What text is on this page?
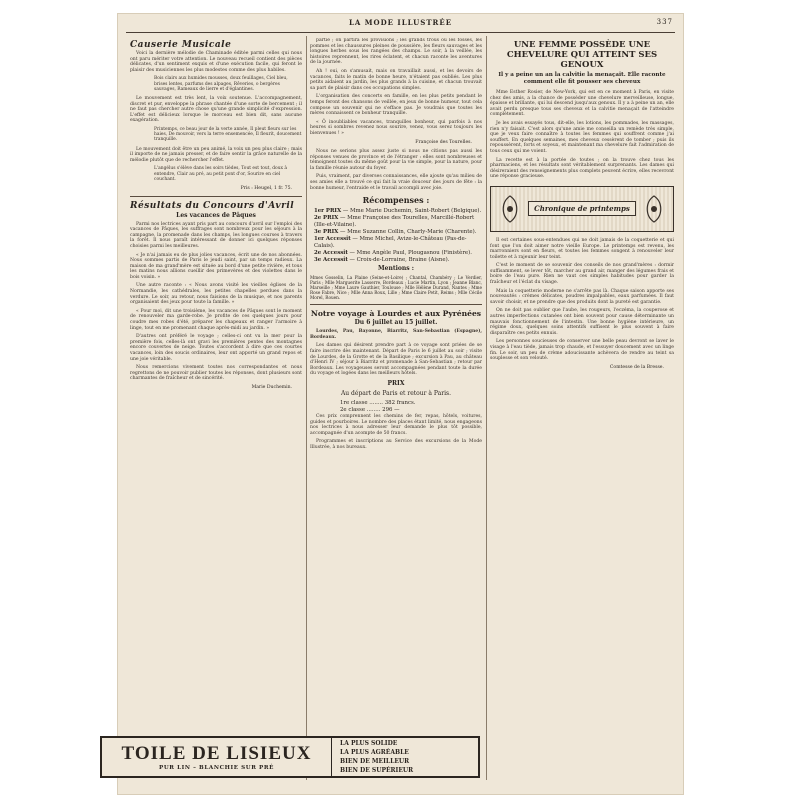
LA MODE ILLUSTRÉE	337
Causerie Musicale

Voici la dernière mélodie de Chaminade éditée parmi celles qui nous ont paru mériter votre attention. Le nouveau recueil contient des pièces délicates, d'un sentiment exquis et d'une exécution facile, qui feront le plaisir des musiciennes les plus modestes comme des plus habiles.

Bois clairs aux humides mousses, doux feuillages, Ciel bleu, brises lentes, parfums des alpages, Rêveries, o bergères sauvages, Rameaux de lierre et d'églantines.

Le mouvement est très lent, la voix soutenue. L'accompagnement, discret et pur, enveloppe la phrase chantée d'une sorte de bercement ; il ne faut pas chercher autre chose qu'une grande simplicité d'expression. L'effet est délicieux lorsque le morceau est bien dit, sans aucune exagération.

Printemps, ce beau jour de la verte année, Il pleut fleurs sur les haies, De mouvoir, vers la terre ensemencée, Il fleurit, doucement tranquille.

Le mouvement doit être un peu animé, la voix un peu plus claire ; mais il importe de ne jamais presser, et de faire sentir la grâce naturelle de la mélodie plutôt que de rechercher l'effet.

L'angélus s'élève dans les soirs tièdes, Tout est tout, doux à entendre, Clair au pré, au petit pont d'or, Sourire en ciel couchant.

Pris : Heugel, 1 fr. 75.

Résultats du Concours d'Avril
Les vacances de Pâques

Parmi nos lectrices ayant pris part au concours d'avril sur l'emploi des vacances de Pâques, les suffrages sont nombreux pour les séjours à la campagne, la promenade dans les champs, les longues courses à travers la forêt. Il nous paraît intéressant de donner ici quelques réponses choisies parmi les meilleures.

« Je n'ai jamais eu de plus jolies vacances, écrit une de nos abonnées. Nous sommes partis de Paris le jeudi saint, par un temps radieux. La maison de ma grand'mère est située au bord d'une petite rivière, et tous les matins nous allions cueillir des primevères et des violettes dans le bois voisin. »

Une autre raconte : « Nous avons visité les vieilles églises de la Normandie, les cathédrales, les petites chapelles perdues dans la verdure. Le soir, au retour, nous faisions de la musique, et nos parents organisaient des jeux pour toute la famille. »

« Pour moi, dit une troisième, les vacances de Pâques sont le moment de renouveler ma garde-robe. Je profite de ces quelques jours pour coudre mes robes d'été, préparer les chapeaux et ranger l'armoire à linge, tout en me promenant chaque après-midi au jardin. »

D'autres ont préféré le voyage ; celles-ci ont vu la mer pour la première fois, celles-là ont gravi les premières pentes des montagnes encore couvertes de neige. Toutes s'accordent à dire que ces courtes vacances, loin des soucis ordinaires, leur ont apporté un grand repos et une joie véritable.

Nous remercions vivement toutes nos correspondantes et nous regrettons de ne pouvoir publier toutes les réponses, dont plusieurs sont charmantes de fraîcheur et de sincérité.

Marie Duchemin.

partie ; on partira les provisions ; les grands trous ou les fossés, les pommes et les chaussures pleines de poussière, les fleurs sauvages et les longues herbes sous les rangées des champs. Le soir, à la veillée, les histoires reprennent, les rires éclatent, et chacun raconte les aventures de la journée.

Ah ! oui, on s'amusait, mais on travaillait aussi, et les devoirs de vacances, faits le matin de bonne heure, n'étaient pas oubliés. Les plus petits aidaient au jardin, les plus grands à la cuisine, et chacun trouvait sa part de plaisir dans ces occupations simples.

L'organisation des concerts en famille, en les plus petits pendant le temps feront des chansons de veillée, en jeux de bonne humeur, tout cela compose un souvenir qui ne s'efface pas. Je voudrais que toutes les mères connaissent ce bonheur tranquille.

« Ô inoubliables vacances, tranquilles bonheur, qui parfois à nos heures si sombres revenez nous sourire, venez, vous serez toujours les bienvenues ! »

Françoise des Tourelles.

Nous ne serions plus assez juste si nous ne citions pas aussi les réponses venues de province et de l'étranger : elles sont nombreuses et témoignent toutes du même goût pour la vie simple, pour la nature, pour la famille réunie autour du foyer.

Puis, vraiment, par diverses connaissances, elle ajoute qu'au milieu de ses amies elle a trouvé ce qui fait la vraie douceur des jours de fête : la bonne humeur, l'entraide et le travail accompli avec joie.

Récompenses :
1er PRIX — Mme Marie Duchemin, Saint-Robert (Belgique).
2e PRIX — Mme Françoise des Tourelles, Marcillé-Robert (Ille-et-Vilaine).
3e PRIX — Mme Suzanne Collin, Charly-Marie (Charente).
1er Accessit — Mme Michel, Avize-le-Château (Pas-de-Calais).
2e Accessit — Mme Angèle Paul, Plougasnou (Finistère).
3e Accessit — Croix-de-Lorraine, Braine (Aisne).
Mentions :

Mmes Gosselin, La Plaine (Seine-et-Loire) ; Chantal, Chambéry ; Le Verdier, Paris ; Mlle Marguerite Lasserre, Bordeaux ; Lucie Martin, Lyon ; Jeanne Blanc, Marseille ; Mme Laure Gauthier, Toulouse ; Mlle Hélène Durand, Nantes ; Mme Rose Fabre, Nice ; Mlle Anna Roux, Lille ; Mme Claire Petit, Reims ; Mlle Cécile Morel, Rouen.

Notre voyage à Lourdes et aux Pyrénées
Du 6 juillet au 15 juillet.

Lourdes, Pau, Bayonne, Biarritz, San-Sebastian (Espagne), Bordeaux.

Les dames qui désirent prendre part à ce voyage sont priées de se faire inscrire dès maintenant. Départ de Paris le 6 juillet au soir ; visite de Lourdes, de la Grotte et de la Basilique ; excursion à Pau, au château d'Henri IV ; séjour à Biarritz et promenade à San-Sebastian ; retour par Bordeaux. Les voyageuses seront accompagnées pendant toute la durée du voyage et logées dans les meilleurs hôtels.

PRIX
Au départ de Paris et retour à Paris.
1re classe ........ 382 francs.
2e classe ........ 296 —

Ces prix comprennent les chemins de fer, repas, hôtels, voitures, guides et pourboires. Le nombre des places étant limité, nous engageons nos lectrices à nous adresser leur demande le plus tôt possible, accompagnée d'un acompte de 50 francs.

Programmes et inscriptions au Service des excursions de la Mode Illustrée, à nos bureaux.

UNE FEMME POSSÈDE UNE CHEVELURE QUI ATTEINT SES GENOUX
Il y a peine un an la calvitie la menaçait. Elle raconte comment elle fit pousser ses cheveux

Mme Esther Rosier, de New-York, qui est en ce moment à Paris, en visite chez des amis, a la chance de posséder une chevelure merveilleuse, longue, épaisse et brillante, qui lui descend jusqu'aux genoux. Il y a à peine un an, elle avait perdu presque tous ses cheveux et la calvitie menaçait de l'atteindre complètement.

Je les avais essayés tous, dit-elle, les lotions, les pommades, les massages, rien n'y faisait. C'est alors qu'une amie me conseilla un remède très simple, que je veux faire connaître à toutes les femmes qui souffrent comme j'ai souffert. En quelques semaines, mes cheveux cessèrent de tomber ; puis ils repoussèrent, forts et soyeux, et maintenant ma chevelure fait l'admiration de tous ceux qui me voient.

La recette est à la portée de toutes ; on la trouve chez tous les pharmaciens, et les résultats sont véritablement surprenants. Les dames qui désireraient des renseignements plus complets peuvent écrire, elles recevront une réponse gracieuse.

Chronique de printemps

Il est certaines sous-entendues qui ne doit jamais de la coquetterie et qui font que l'on doit aimer notre vieille Europe. Le printemps est revenu, les marronniers sont en fleurs, et toutes les femmes songent à renouveler leur toilette et à rajeunir leur teint.

C'est le moment de se souvenir des conseils de nos grand'mères : dormir suffisamment, se lever tôt, marcher au grand air, manger des légumes frais et boire de l'eau pure. Rien ne vaut ces simples habitudes pour garder la fraîcheur et l'éclat du visage.

Mais la coquetterie moderne ne s'arrête pas là. Chaque saison apporte ses nouveautés : crèmes délicates, poudres impalpables, eaux parfumées. Il faut savoir choisir, et ne prendre que des produits dont la pureté est garantie.

On ne doit pas oublier que l'aube, les rougeurs, l'eczéma, la couperose et autres imperfections cutanées ont bien souvent pour cause déterminante un mauvais fonctionnement de l'intestin. Une bonne hygiène intérieure, un régime doux, quelques soins attentifs suffisent le plus souvent à faire disparaître ces petits ennuis.

Les personnes soucieuses de conserver une belle peau devront se laver le visage à l'eau tiède, jamais trop chaude, et l'essuyer doucement avec un linge fin. Le soir, un peu de crème adoucissante achèvera de rendre au teint sa souplesse et son velouté.

Comtesse de la Bresse.

TOILE DE LISIEUX
PUR LIN – BLANCHIE SUR PRÉ
LA PLUS SOLIDE
LA PLUS AGRÉABLE
BIEN DE MEILLEUR
BIEN DE SUPÉRIEUR
